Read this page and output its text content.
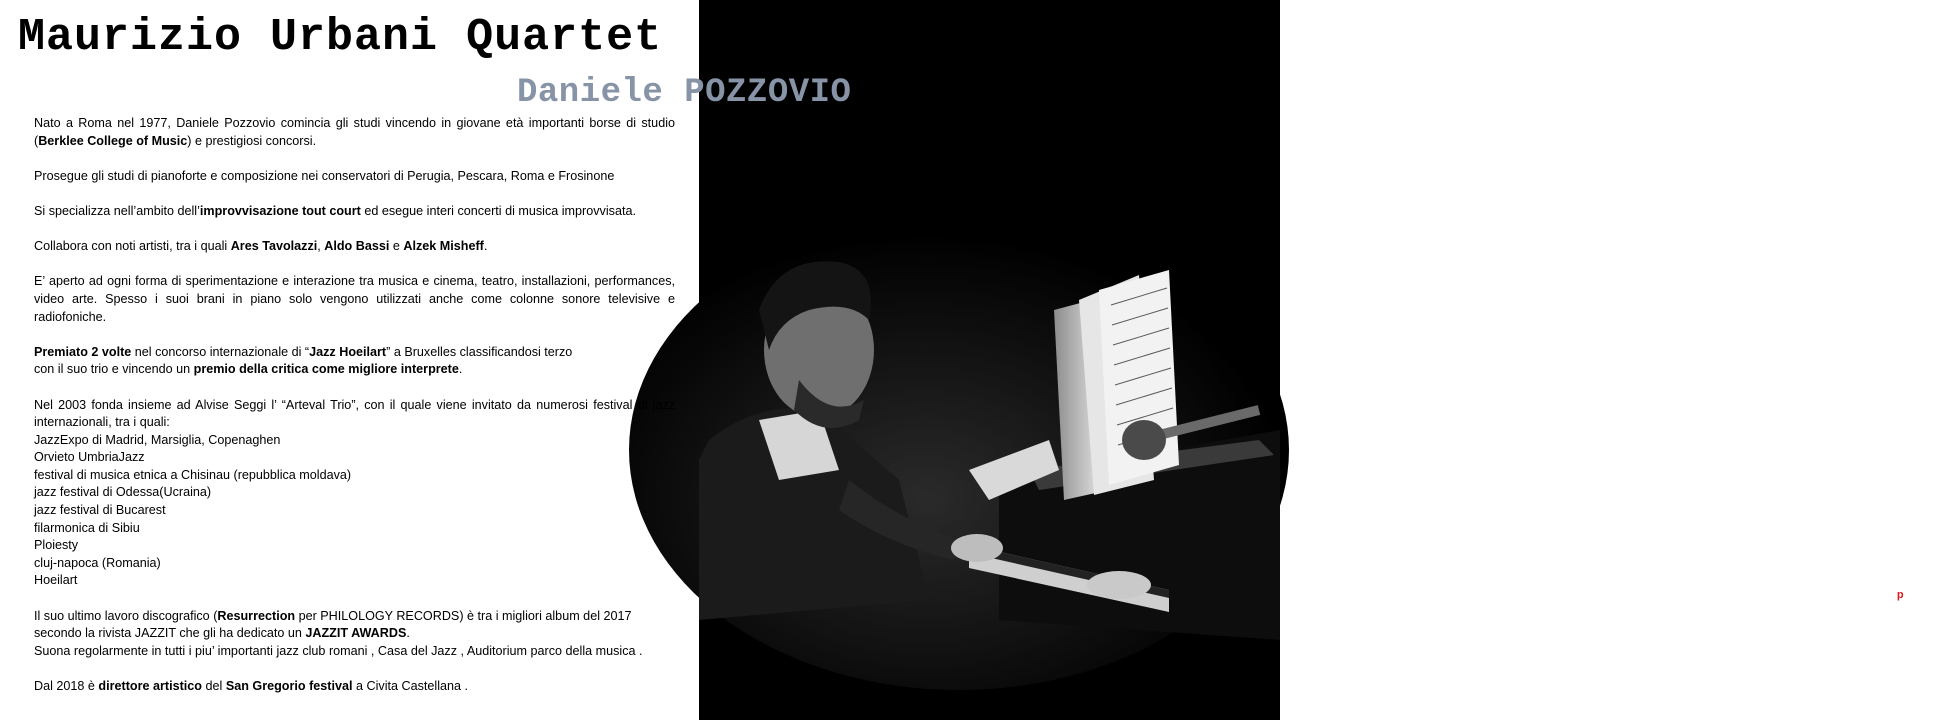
robertopanucci
photographer
Maurizio Urbani Quartet
Daniele POZZOVIO

Nato a Roma nel 1977, Daniele Pozzovio comincia gli studi vincendo in giovane età importanti borse di studio (Berklee College of Music) e prestigiosi concorsi.

Prosegue gli studi di pianoforte e composizione nei conservatori di Perugia, Pescara, Roma e Frosinone

Si specializza nell’ambito dell’improvvisazione tout court ed esegue interi concerti di musica improvvisata.

Collabora con noti artisti, tra i quali Ares Tavolazzi, Aldo Bassi e Alzek Misheff.

E’ aperto ad ogni forma di sperimentazione e interazione tra musica e cinema, teatro, installazioni, performances, video arte. Spesso i suoi brani in piano solo vengono utilizzati anche come colonne sonore televisive e radiofoniche.

Premiato 2 volte nel concorso internazionale di “Jazz Hoeilart” a Bruxelles classificandosi terzo
con il suo trio e vincendo un premio della critica come migliore interprete.

Nel 2003 fonda insieme ad Alvise Seggi l’ “Arteval Trio”, con il quale viene invitato da numerosi festival di jazz internazionali, tra i quali:
JazzExpo di Madrid, Marsiglia, Copenaghen
Orvieto UmbriaJazz
festival di musica etnica a Chisinau (repubblica moldava)
jazz festival di Odessa(Ucraina)
jazz festival di Bucarest
filarmonica di Sibiu
Ploiesty
cluj-napoca (Romania)
Hoeilart

Il suo ultimo lavoro discografico (Resurrection per PHILOLOGY RECORDS) è tra i migliori album del 2017
secondo la rivista JAZZIT che gli ha dedicato un JAZZIT AWARDS.
Suona regolarmente in tutti i piu’ importanti jazz club romani , Casa del Jazz , Auditorium parco della musica .

Dal 2018 è direttore artistico del San Gregorio festival a Civita Castellana .
